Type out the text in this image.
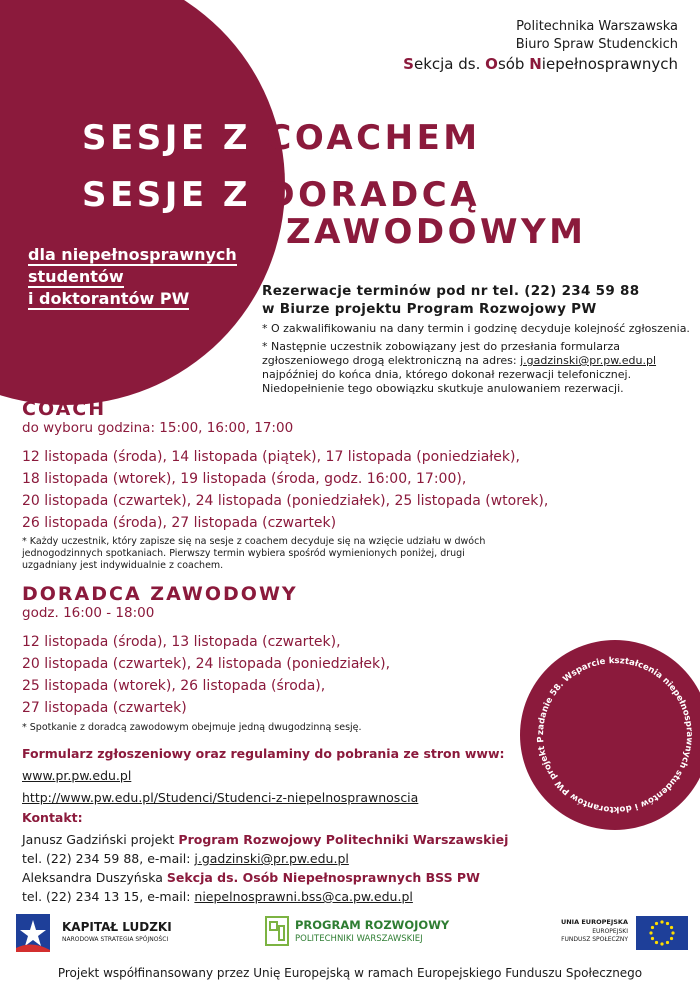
Politechnika Warszawska
Biuro Spraw Studenckich
Sekcja ds. Osób Niepełnosprawnych
SESJE Z COACHEM
SESJE Z DORADCĄ
ZAWODOWYM
dla niepełnosprawnych
studentów
i doktorantów PW	Rezerwacje terminów pod nr tel. (22) 234 59 88
w Biurze projektu Program Rozwojowy PW
* O zakwalifikowaniu na dany termin i godzinę decyduje kolejność zgłoszenia.
* Następnie uczestnik zobowiązany jest do przesłania formularza zgłoszeniowego drogą elektroniczną na adres: j.gadzinski@pr.pw.edu.pl najpóźniej do końca dnia, którego dokonał rezerwacji telefonicznej. Niedopełnienie tego obowiązku skutkuje anulowaniem rezerwacji.
COACH
do wyboru godzina: 15:00, 16:00, 17:00
12 listopada (środa), 14 listopada (piątek), 17 listopada (poniedziałek),
18 listopada (wtorek), 19 listopada (środa, godz. 16:00, 17:00),
20 listopada (czwartek), 24 listopada (poniedziałek), 25 listopada (wtorek),
26 listopada (środa), 27 listopada (czwartek)
* Każdy uczestnik, który zapisze się na sesje z coachem decyduje się na wzięcie udziału w dwóch jednogodzinnych spotkaniach. Pierwszy termin wybiera spośród wymienionych poniżej, drugi uzgadniany jest indywidualnie z coachem.
DORADCA ZAWODOWY
godz. 16:00 - 18:00
12 listopada (środa), 13 listopada (czwartek),
20 listopada (czwartek), 24 listopada (poniedziałek),
25 listopada (wtorek), 26 listopada (środa),
27 listopada (czwartek)
* Spotkanie z doradcą zawodowym obejmuje jedną dwugodzinną sesję.
Formularz zgłoszeniowy oraz regulaminy do pobrania ze stron www:
www.pr.pw.edu.pl
http://www.pw.edu.pl/Studenci/Studenci-z-niepelnosprawnoscia
Kontakt:
Janusz Gadziński projekt Program Rozwojowy Politechniki Warszawskiej
tel. (22) 234 59 88, e-mail: j.gadzinski@pr.pw.edu.pl
Aleksandra Duszyńska Sekcja ds. Osób Niepełnosprawnych BSS PW
tel. (22) 234 13 15, e-mail: niepelnosprawni.bss@ca.pw.edu.pl
zadanie 58. Wsparcie kształcenia niepełnosprawnych studentów i doktorantów PW projekt P
KAPITAŁ LUDZKI
NARODOWA STRATEGIA SPÓJNOŚCI
PROGRAM ROZWOJOWY
POLITECHNIKI WARSZAWSKIEJ
UNIA EUROPEJSKA
EUROPEJSKI
FUNDUSZ SPOŁECZNY
Projekt współfinansowany przez Unię Europejską w ramach Europejskiego Funduszu Społecznego
